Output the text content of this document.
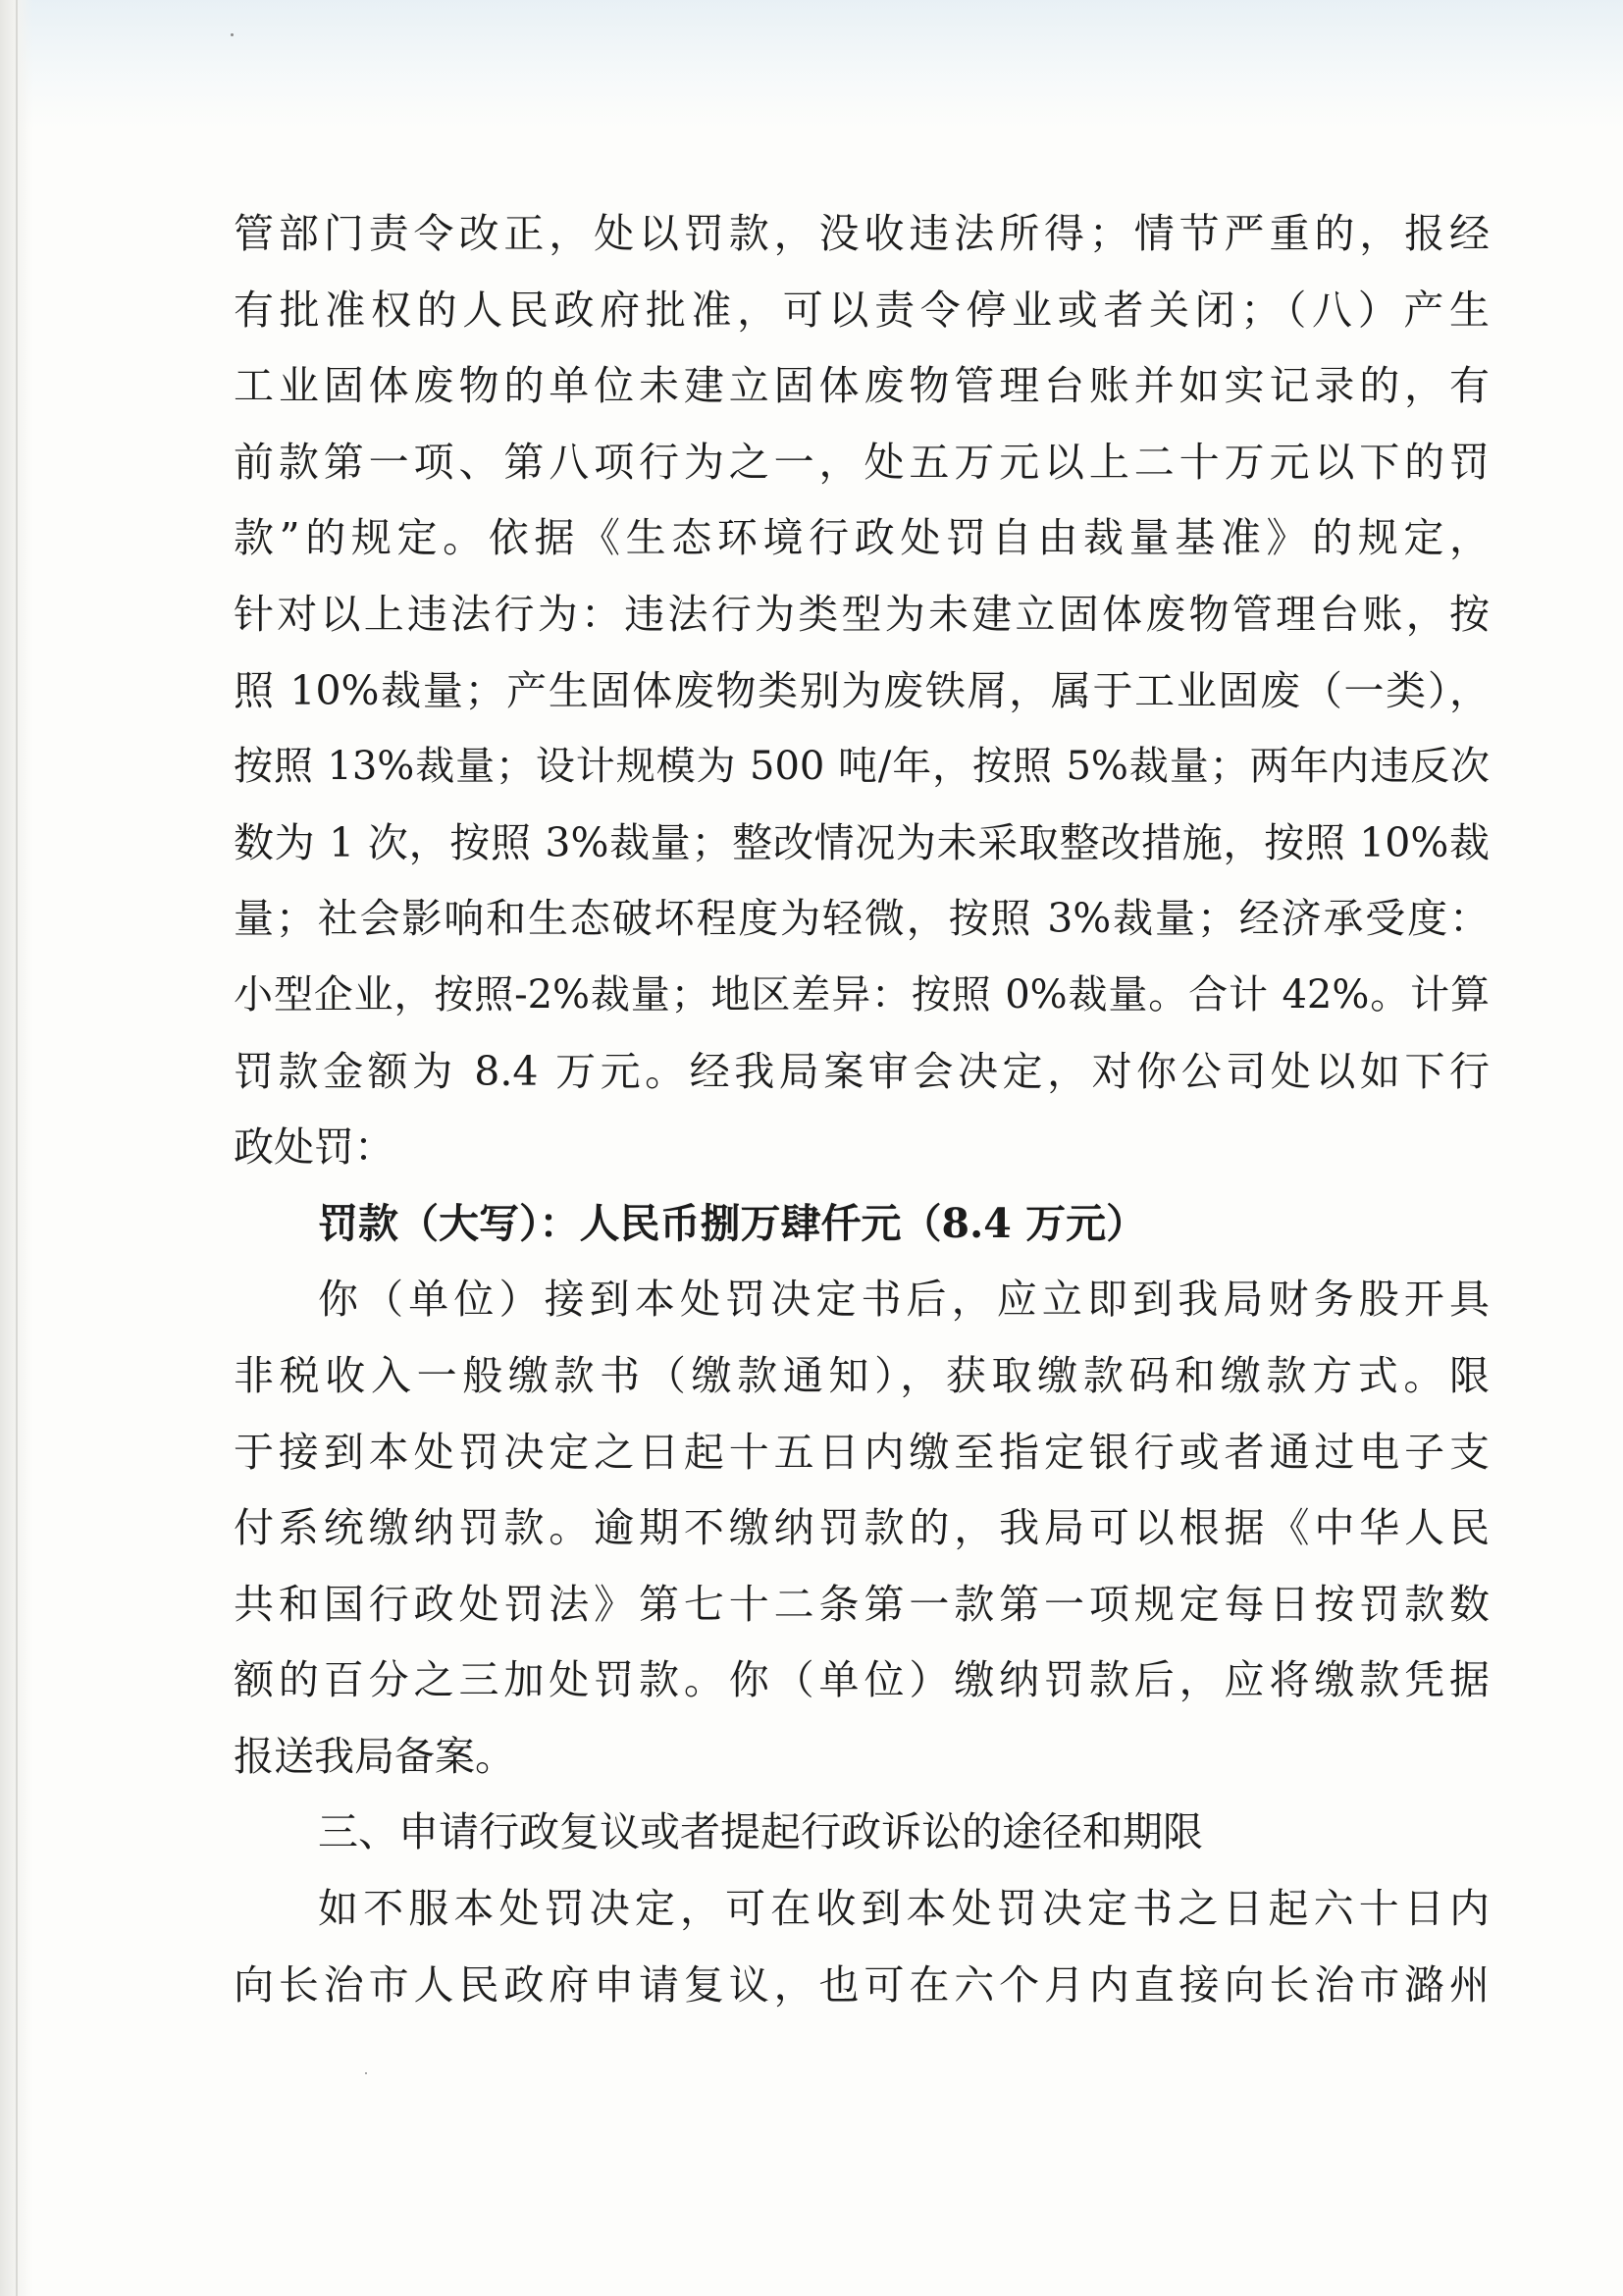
管部门责令改正，处以罚款，没收违法所得；情节严重的，报经
有批准权的人民政府批准，可以责令停业或者关闭；（八）产生
工业固体废物的单位未建立固体废物管理台账并如实记录的，有
前款第一项、第八项行为之一，处五万元以上二十万元以下的罚
款”的规定。依据《生态环境行政处罚自由裁量基准》的规定，
针对以上违法行为：违法行为类型为未建立固体废物管理台账，按
照 10%裁量；产生固体废物类别为废铁屑，属于工业固废（一类），
按照 13%裁量；设计规模为 500 吨/年，按照 5%裁量；两年内违反次
数为 1 次，按照 3%裁量；整改情况为未采取整改措施，按照 10%裁
量；社会影响和生态破坏程度为轻微，按照 3%裁量；经济承受度：
小型企业，按照-2%裁量；地区差异：按照 0%裁量。合计 42%。计算
罚款金额为 8.4 万元。经我局案审会决定，对你公司处以如下行
政处罚：
罚款（大写）：人民币捌万肆仟元（8.4 万元）
你（单位）接到本处罚决定书后，应立即到我局财务股开具
非税收入一般缴款书（缴款通知），获取缴款码和缴款方式。限
于接到本处罚决定之日起十五日内缴至指定银行或者通过电子支
付系统缴纳罚款。逾期不缴纳罚款的，我局可以根据《中华人民
共和国行政处罚法》第七十二条第一款第一项规定每日按罚款数
额的百分之三加处罚款。你（单位）缴纳罚款后，应将缴款凭据
报送我局备案。
三、申请行政复议或者提起行政诉讼的途径和期限
如不服本处罚决定，可在收到本处罚决定书之日起六十日内
向长治市人民政府申请复议，也可在六个月内直接向长治市潞州
